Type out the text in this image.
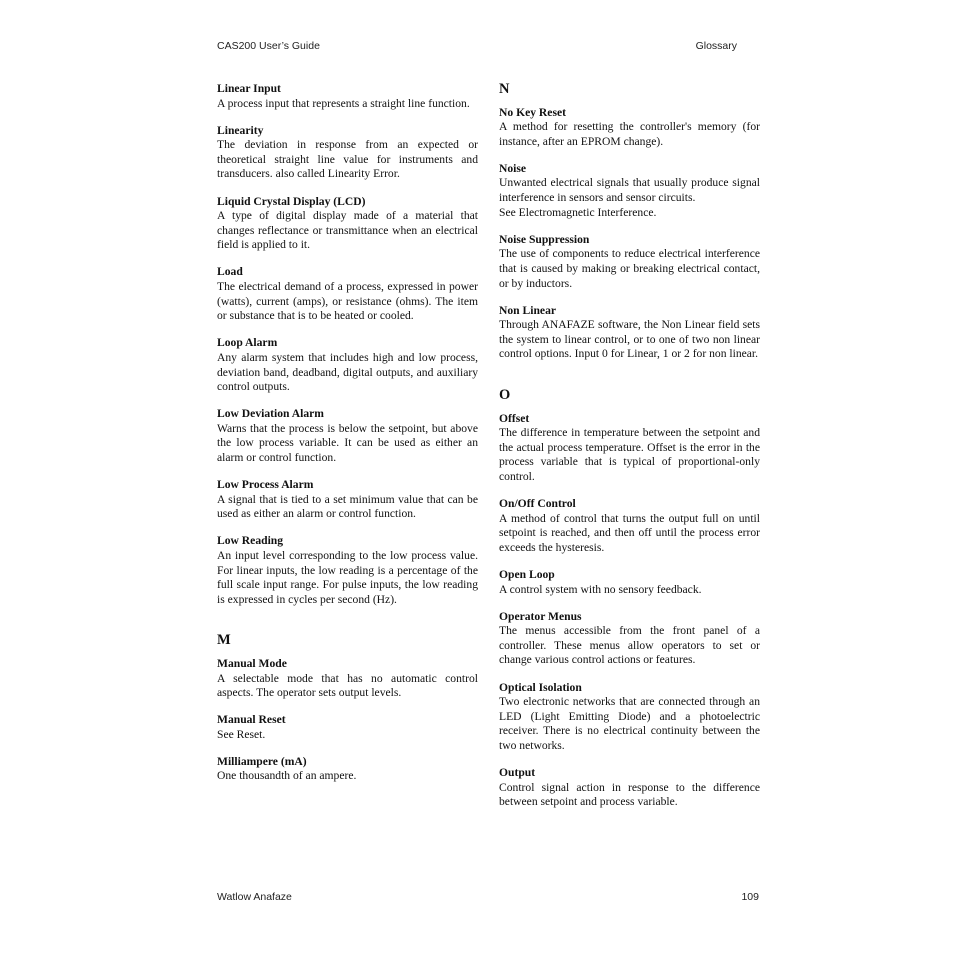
CAS200 User’s Guide	Glossary
Linear Input
A process input that represents a straight line function.
Linearity
The deviation in response from an expected or theoretical straight line value for instruments and transducers. also called Linearity Error.
Liquid Crystal Display (LCD)
A type of digital display made of a material that changes reflectance or transmittance when an electrical field is applied to it.
Load
The electrical demand of a process, expressed in power (watts), current (amps), or resistance (ohms). The item or substance that is to be heated or cooled.
Loop Alarm
Any alarm system that includes high and low process, deviation band, deadband, digital outputs, and auxiliary control outputs.
Low Deviation Alarm
Warns that the process is below the setpoint, but above the low process variable. It can be used as either an alarm or control function.
Low Process Alarm
A signal that is tied to a set minimum value that can be used as either an alarm or control function.
Low Reading
An input level corresponding to the low process value. For linear inputs, the low reading is a percentage of the full scale input range. For pulse inputs, the low reading is expressed in cycles per second (Hz).
M
Manual Mode
A selectable mode that has no automatic control aspects. The operator sets output levels.
Manual Reset
See Reset.
Milliampere (mA)
One thousandth of an ampere.
N
No Key Reset
A method for resetting the controller's memory (for instance, after an EPROM change).
Noise
Unwanted electrical signals that usually produce signal interference in sensors and sensor circuits.
See Electromagnetic Interference.
Noise Suppression
The use of components to reduce electrical interference that is caused by making or breaking electrical contact, or by inductors.
Non Linear
Through ANAFAZE software, the Non Linear field sets the system to linear control, or to one of two non linear control options. Input 0 for Linear, 1 or 2 for non linear.
O
Offset
The difference in temperature between the setpoint and the actual process temperature. Offset is the error in the process variable that is typical of proportional-only control.
On/Off Control
A method of control that turns the output full on until setpoint is reached, and then off until the process error exceeds the hysteresis.
Open Loop
A control system with no sensory feedback.
Operator Menus
The menus accessible from the front panel of a controller. These menus allow operators to set or change various control actions or features.
Optical Isolation
Two electronic networks that are connected through an LED (Light Emitting Diode) and a photoelectric receiver. There is no electrical continuity between the two networks.
Output
Control signal action in response to the difference between setpoint and process variable.
Watlow Anafaze	109
